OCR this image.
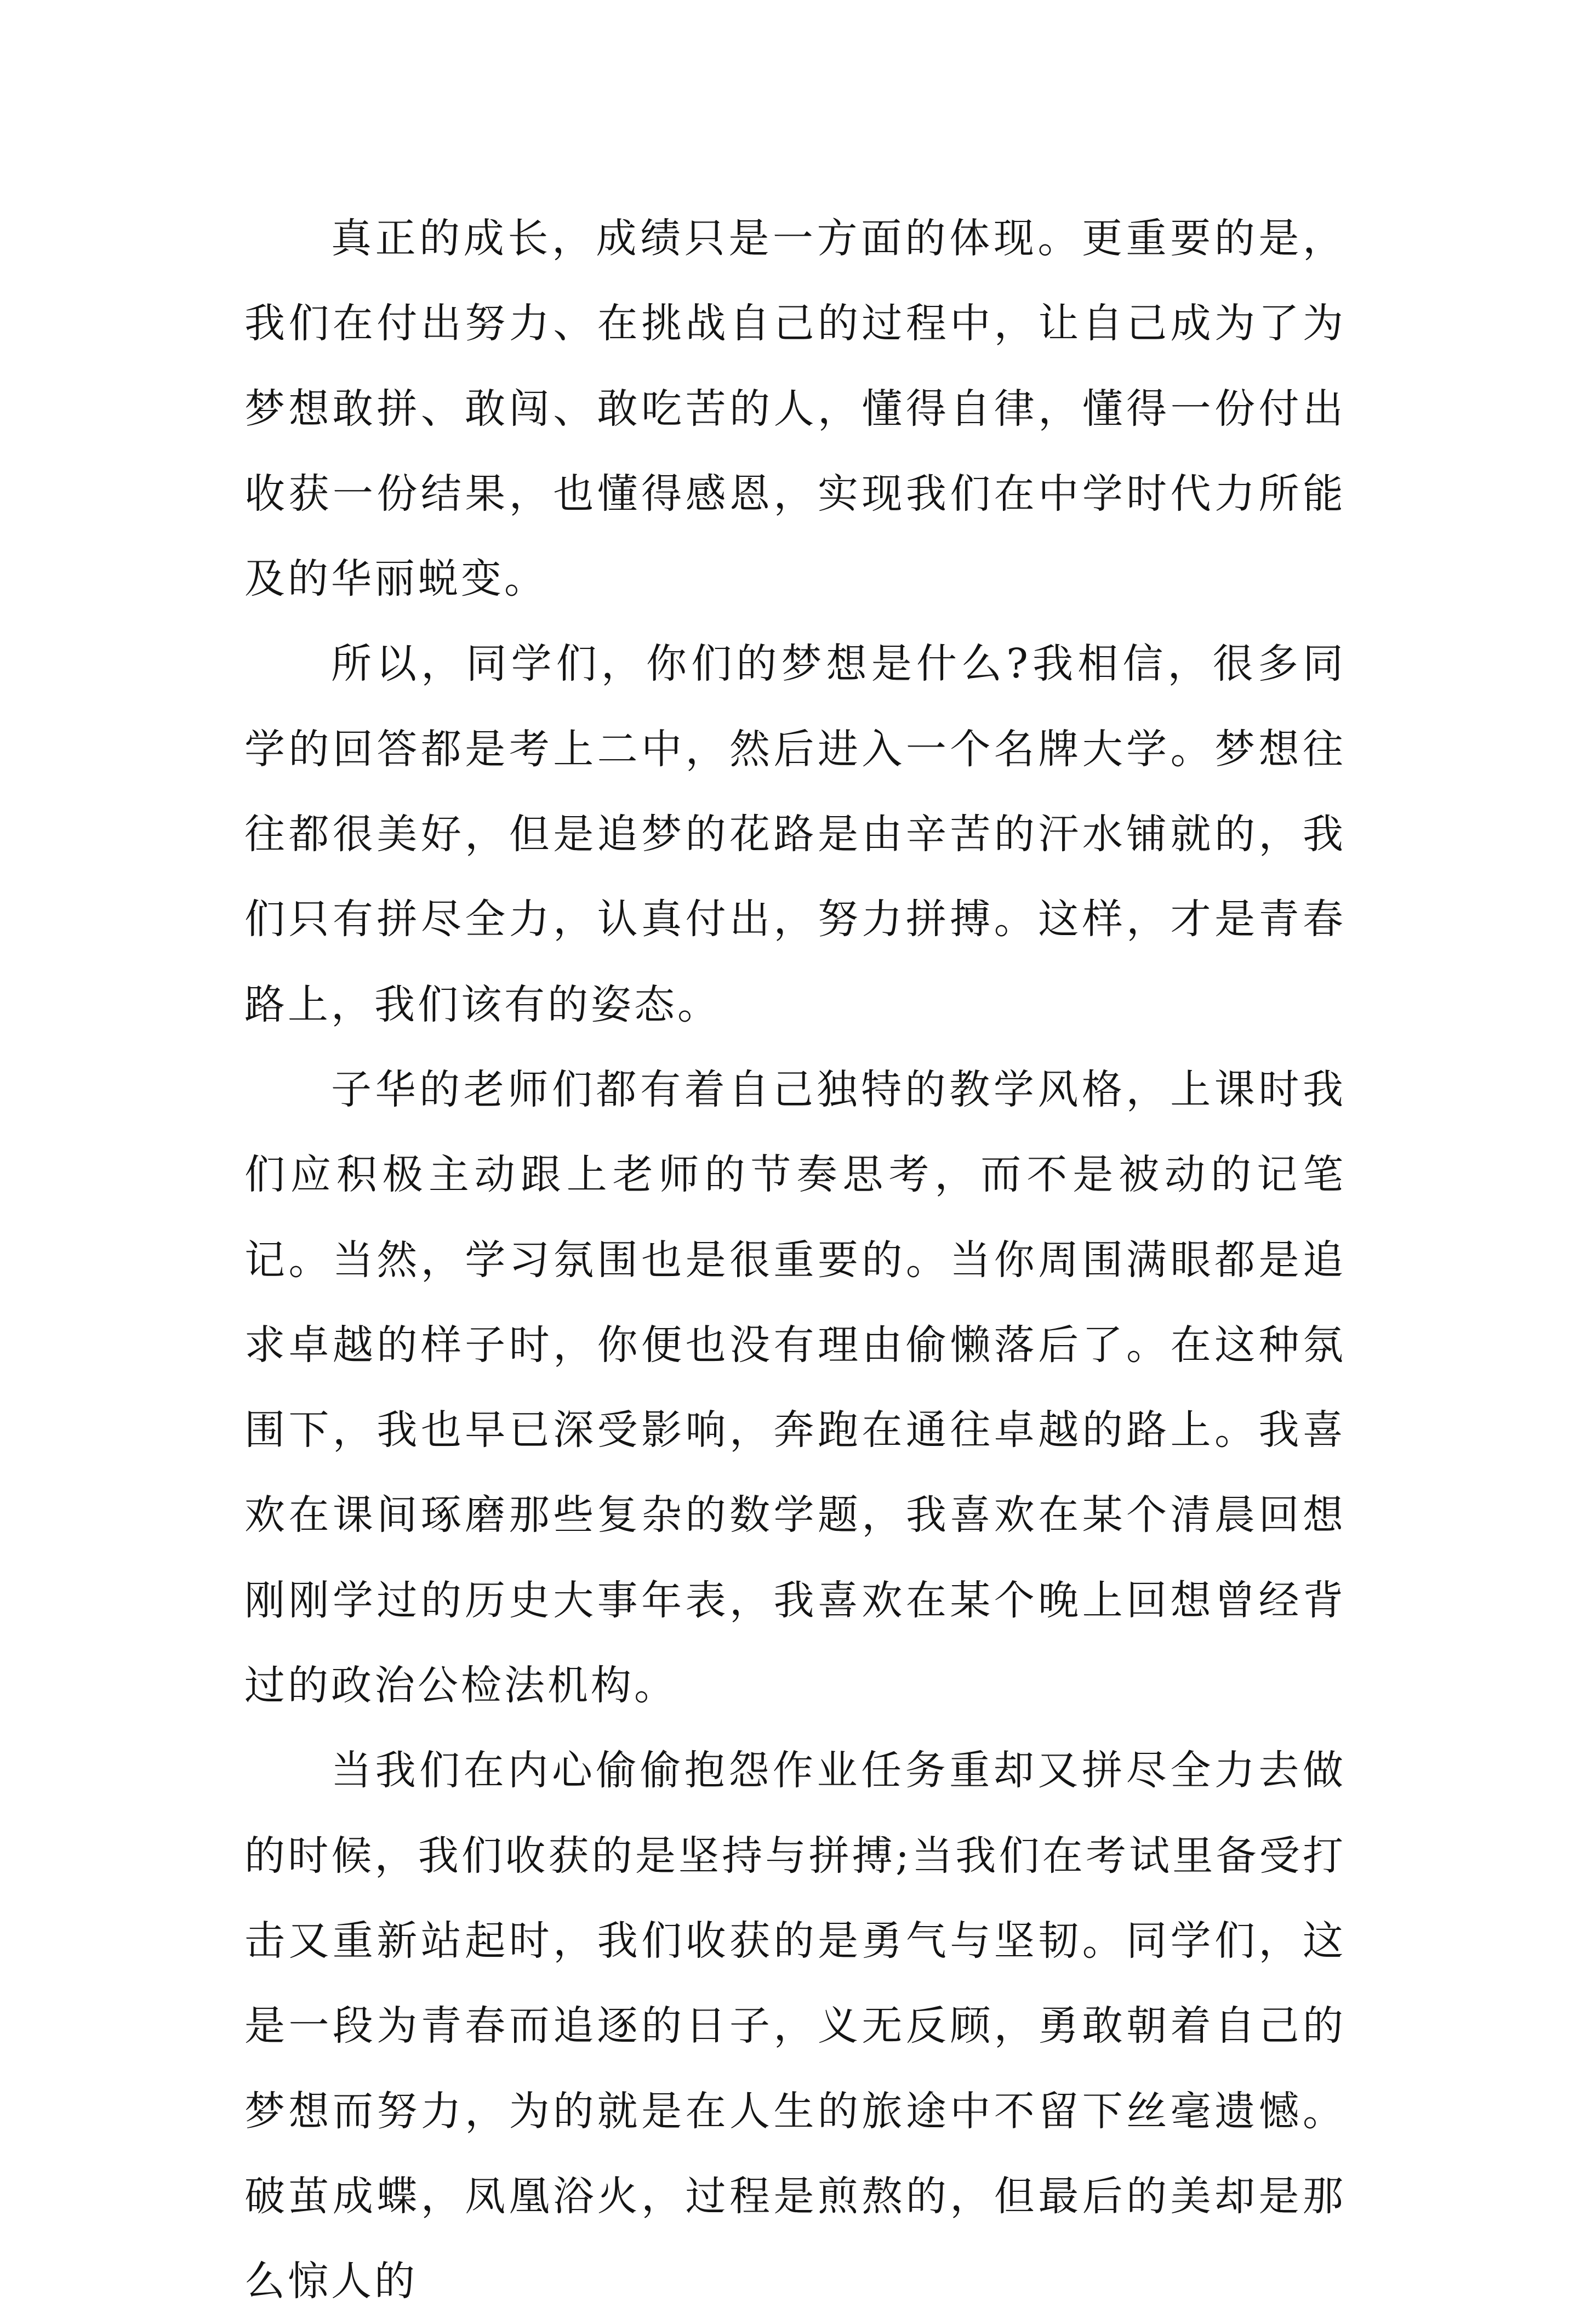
真正的成长，成绩只是一方面的体现。更重要的是，我们在付出努力、在挑战自己的过程中，让自己成为了为梦想敢拼、敢闯、敢吃苦的人，懂得自律，懂得一份付出收获一份结果，也懂得感恩，实现我们在中学时代力所能及的华丽蜕变。

所以，同学们，你们的梦想是什么?我相信，很多同学的回答都是考上二中，然后进入一个名牌大学。梦想往往都很美好，但是追梦的花路是由辛苦的汗水铺就的，我们只有拼尽全力，认真付出，努力拼搏。这样，才是青春路上，我们该有的姿态。

子华的老师们都有着自己独特的教学风格，上课时我们应积极主动跟上老师的节奏思考，而不是被动的记笔记。当然，学习氛围也是很重要的。当你周围满眼都是追求卓越的样子时，你便也没有理由偷懒落后了。在这种氛围下，我也早已深受影响，奔跑在通往卓越的路上。我喜欢在课间琢磨那些复杂的数学题，我喜欢在某个清晨回想刚刚学过的历史大事年表，我喜欢在某个晚上回想曾经背过的政治公检法机构。

当我们在内心偷偷抱怨作业任务重却又拼尽全力去做的时候，我们收获的是坚持与拼搏;当我们在考试里备受打击又重新站起时，我们收获的是勇气与坚韧。同学们，这是一段为青春而追逐的日子，义无反顾，勇敢朝着自己的梦想而努力，为的就是在人生的旅途中不留下丝毫遗憾。破茧成蝶，凤凰浴火，过程是煎熬的，但最后的美却是那么惊人的
